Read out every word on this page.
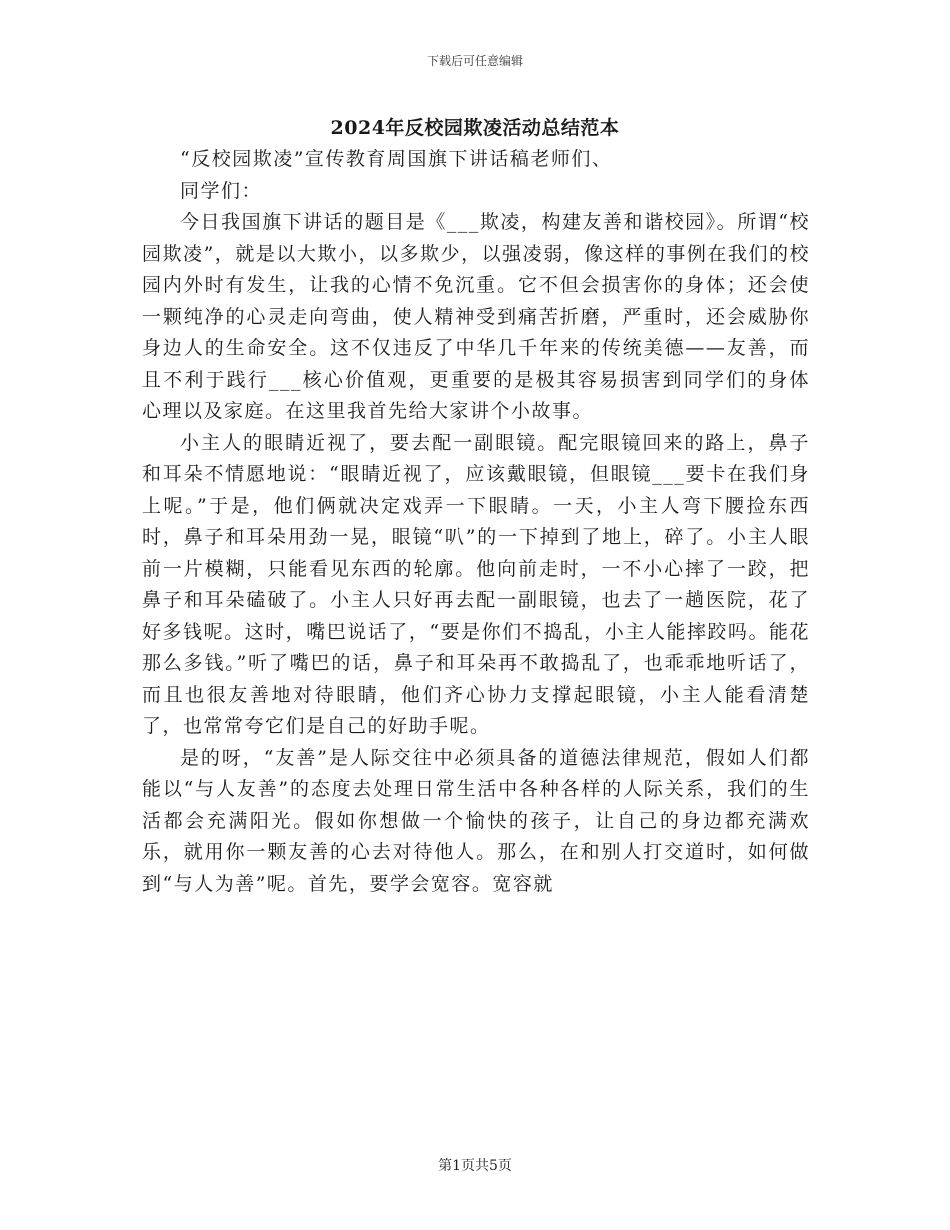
下载后可任意编辑
2024年反校园欺凌活动总结范本

“反校园欺凌”宣传教育周国旗下讲话稿老师们、

同学们：

今日我国旗下讲话的题目是《___欺凌，构建友善和谐校园》。所谓“校园欺凌”，就是以大欺小，以多欺少，以强凌弱，像这样的事例在我们的校园内外时有发生，让我的心情不免沉重。它不但会损害你的身体；还会使一颗纯净的心灵走向弯曲，使人精神受到痛苦折磨，严重时，还会威胁你身边人的生命安全。这不仅违反了中华几千年来的传统美德——友善，而且不利于践行___核心价值观，更重要的是极其容易损害到同学们的身体心理以及家庭。在这里我首先给大家讲个小故事。

小主人的眼睛近视了，要去配一副眼镜。配完眼镜回来的路上，鼻子和耳朵不情愿地说：“眼睛近视了，应该戴眼镜，但眼镜___要卡在我们身上呢。”于是，他们俩就决定戏弄一下眼睛。一天，小主人弯下腰捡东西时，鼻子和耳朵用劲一晃，眼镜“叭”的一下掉到了地上，碎了。小主人眼前一片模糊，只能看见东西的轮廓。他向前走时，一不小心摔了一跤，把鼻子和耳朵磕破了。小主人只好再去配一副眼镜，也去了一趟医院，花了好多钱呢。这时，嘴巴说话了，“要是你们不捣乱，小主人能摔跤吗。能花那么多钱。”听了嘴巴的话，鼻子和耳朵再不敢捣乱了，也乖乖地听话了，而且也很友善地对待眼睛，他们齐心协力支撑起眼镜，小主人能看清楚了，也常常夸它们是自己的好助手呢。

是的呀，“友善”是人际交往中必须具备的道德法律规范，假如人们都能以“与人友善”的态度去处理日常生活中各种各样的人际关系，我们的生活都会充满阳光。假如你想做一个愉快的孩子，让自己的身边都充满欢乐，就用你一颗友善的心去对待他人。那么，在和别人打交道时，如何做到“与人为善”呢。首先，要学会宽容。宽容就

第1页共5页
